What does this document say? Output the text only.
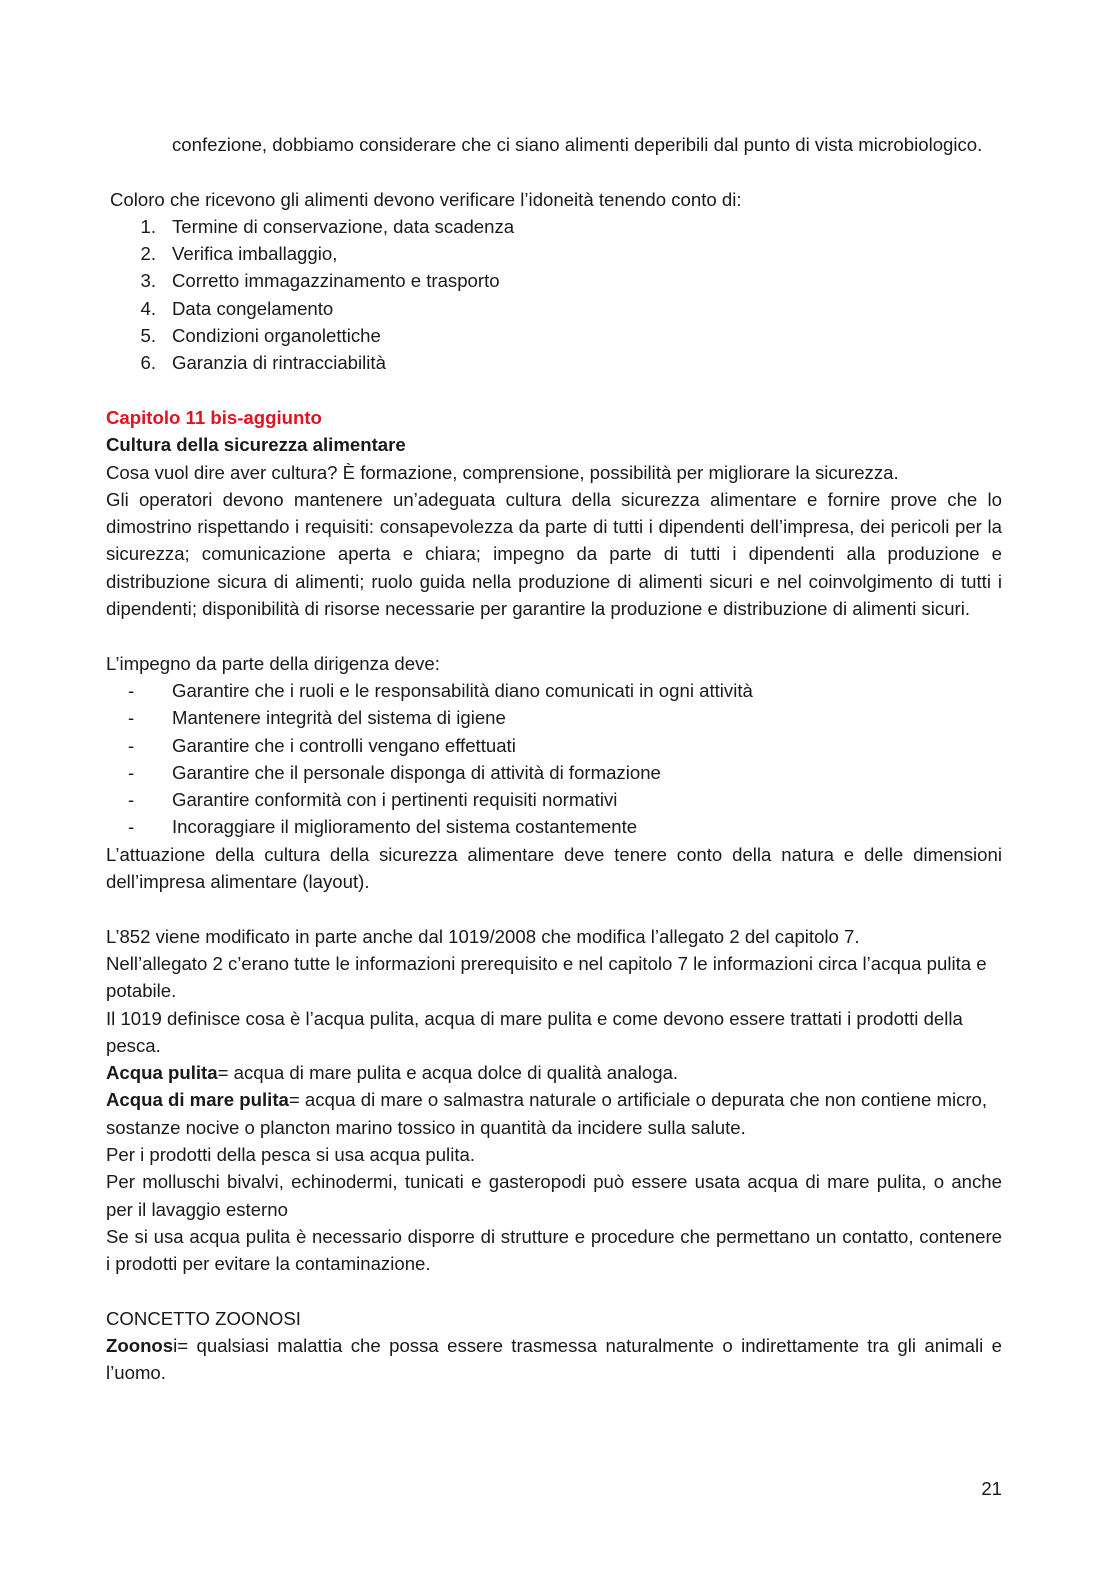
confezione, dobbiamo considerare che ci siano alimenti deperibili dal punto di vista microbiologico.

Coloro che ricevono gli alimenti devono verificare l’idoneità tenendo conto di:

1. Termine di conservazione, data scadenza
2. Verifica imballaggio,
3. Corretto immagazzinamento e trasporto
4. Data congelamento
5. Condizioni organolettiche
6. Garanzia di rintracciabilità

Capitolo 11 bis-aggiunto

Cultura della sicurezza alimentare

Cosa vuol dire aver cultura? È formazione, comprensione, possibilità per migliorare la sicurezza.

Gli operatori devono mantenere un’adeguata cultura della sicurezza alimentare e fornire prove che lo dimostrino rispettando i requisiti: consapevolezza da parte di tutti i dipendenti dell’impresa, dei pericoli per la sicurezza; comunicazione aperta e chiara; impegno da parte di tutti i dipendenti alla produzione e distribuzione sicura di alimenti; ruolo guida nella produzione di alimenti sicuri e nel coinvolgimento di tutti i dipendenti; disponibilità di risorse necessarie per garantire la produzione e distribuzione di alimenti sicuri.

L’impegno da parte della dirigenza deve:

-	Garantire che i ruoli e le responsabilità diano comunicati in ogni attività
-	Mantenere integrità del sistema di igiene
-	Garantire che i controlli vengano effettuati
-	Garantire che il personale disponga di attività di formazione
-	Garantire conformità con i pertinenti requisiti normativi
-	Incoraggiare il miglioramento del sistema costantemente

L’attuazione della cultura della sicurezza alimentare deve tenere conto della natura e delle dimensioni dell’impresa alimentare (layout).

L’852 viene modificato in parte anche dal 1019/2008 che modifica l’allegato 2 del capitolo 7.

Nell’allegato 2 c’erano tutte le informazioni prerequisito e nel capitolo 7 le informazioni circa l’acqua pulita e potabile.

Il 1019 definisce cosa è l’acqua pulita, acqua di mare pulita e come devono essere trattati i prodotti della pesca.

Acqua pulita= acqua di mare pulita e acqua dolce di qualità analoga.

Acqua di mare pulita= acqua di mare o salmastra naturale o artificiale o depurata che non contiene micro, sostanze nocive o plancton marino tossico in quantità da incidere sulla salute.

Per i prodotti della pesca si usa acqua pulita.

Per molluschi bivalvi, echinodermi, tunicati e gasteropodi può essere usata acqua di mare pulita, o anche per il lavaggio esterno

Se si usa acqua pulita è necessario disporre di strutture e procedure che permettano un contatto, contenere i prodotti per evitare la contaminazione.

CONCETTO ZOONOSI

Zoonosi= qualsiasi malattia che possa essere trasmessa naturalmente o indirettamente tra gli animali e l’uomo.

21
